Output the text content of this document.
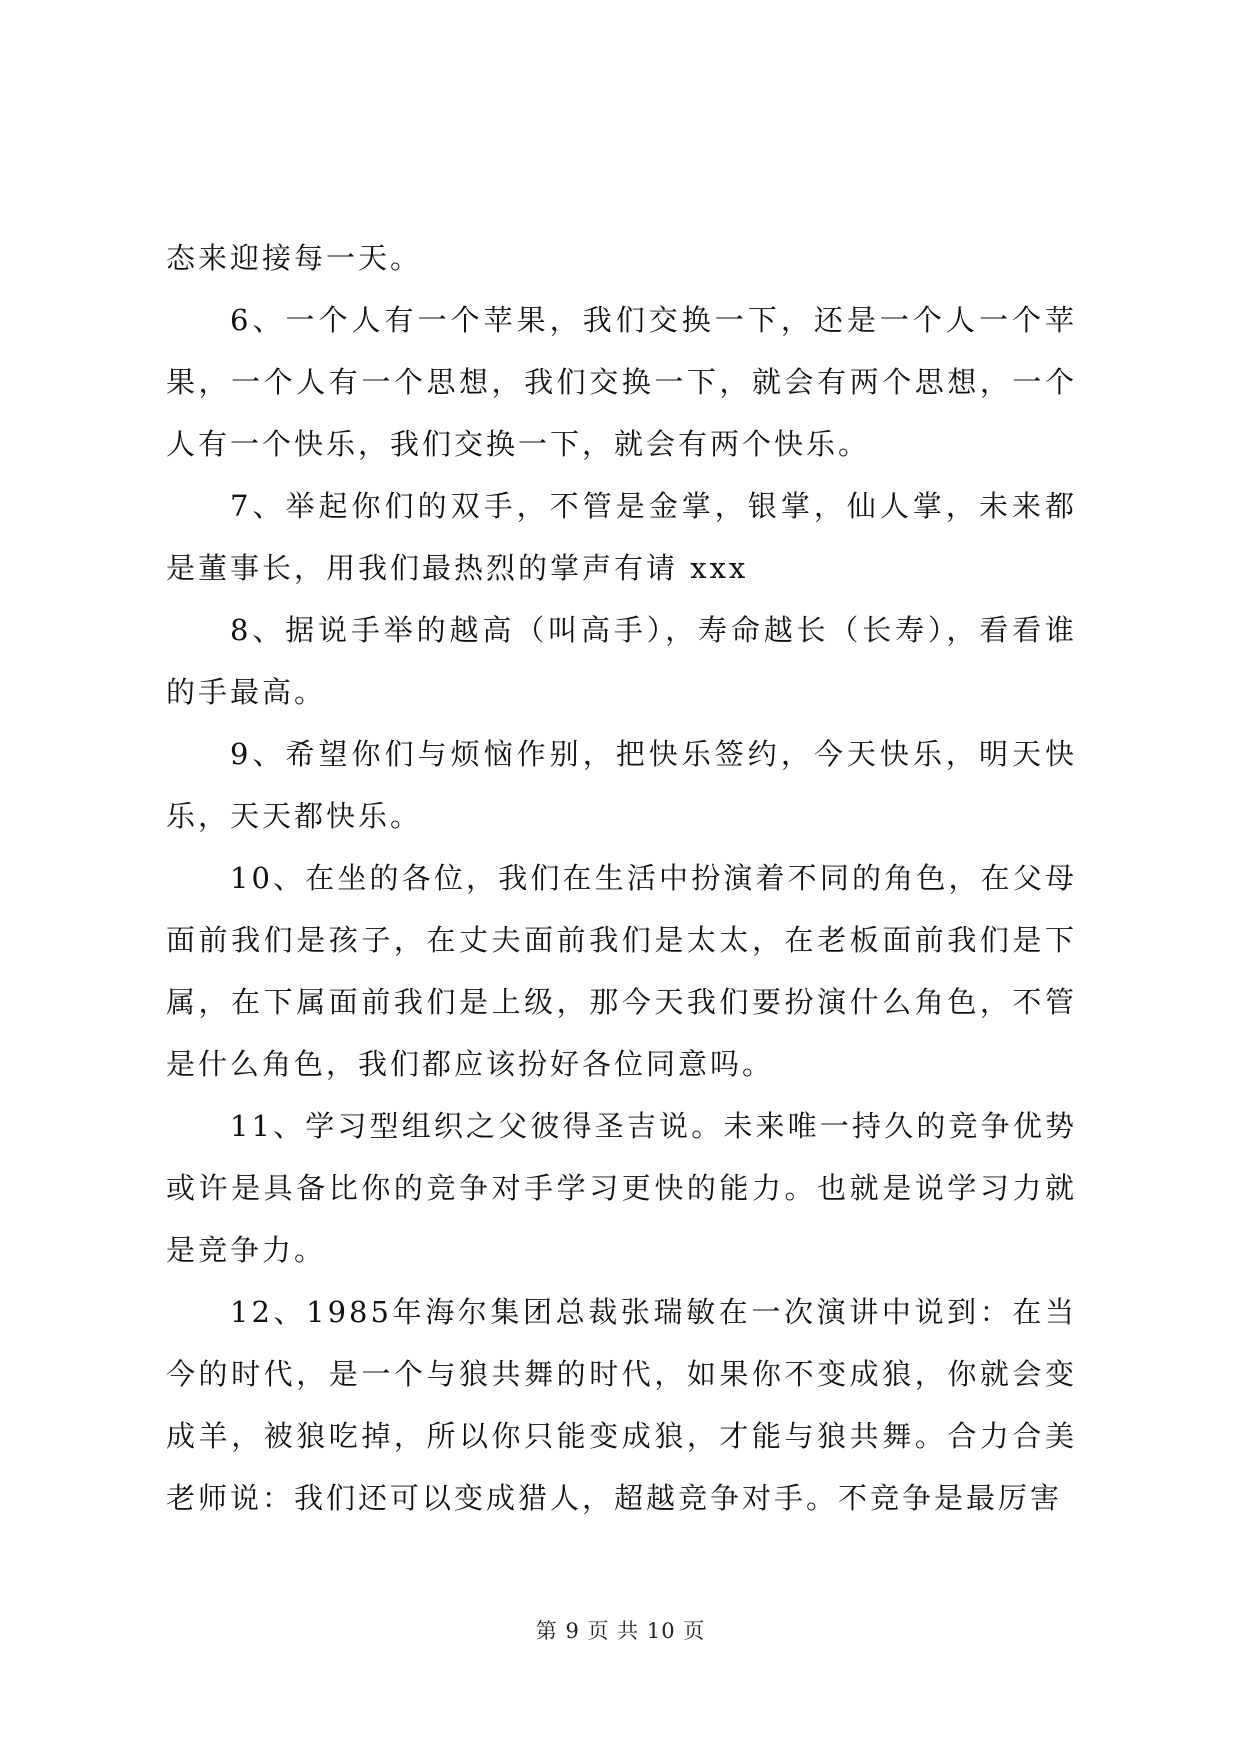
态来迎接每一天。

6、一个人有一个苹果，我们交换一下，还是一个人一个苹果，一个人有一个思想，我们交换一下，就会有两个思想，一个人有一个快乐，我们交换一下，就会有两个快乐。

7、举起你们的双手，不管是金掌，银掌，仙人掌，未来都是董事长，用我们最热烈的掌声有请 xxx

8、据说手举的越高（叫高手），寿命越长（长寿），看看谁的手最高。

9、希望你们与烦恼作别，把快乐签约，今天快乐，明天快乐，天天都快乐。

10、在坐的各位，我们在生活中扮演着不同的角色，在父母面前我们是孩子，在丈夫面前我们是太太，在老板面前我们是下属，在下属面前我们是上级，那今天我们要扮演什么角色，不管是什么角色，我们都应该扮好各位同意吗。

11、学习型组织之父彼得圣吉说。未来唯一持久的竞争优势或许是具备比你的竞争对手学习更快的能力。也就是说学习力就是竞争力。

12、1985年海尔集团总裁张瑞敏在一次演讲中说到：在当今的时代，是一个与狼共舞的时代，如果你不变成狼，你就会变成羊，被狼吃掉，所以你只能变成狼，才能与狼共舞。合力合美老师说：我们还可以变成猎人，超越竞争对手。不竞争是最厉害

第 9 页 共 10 页
